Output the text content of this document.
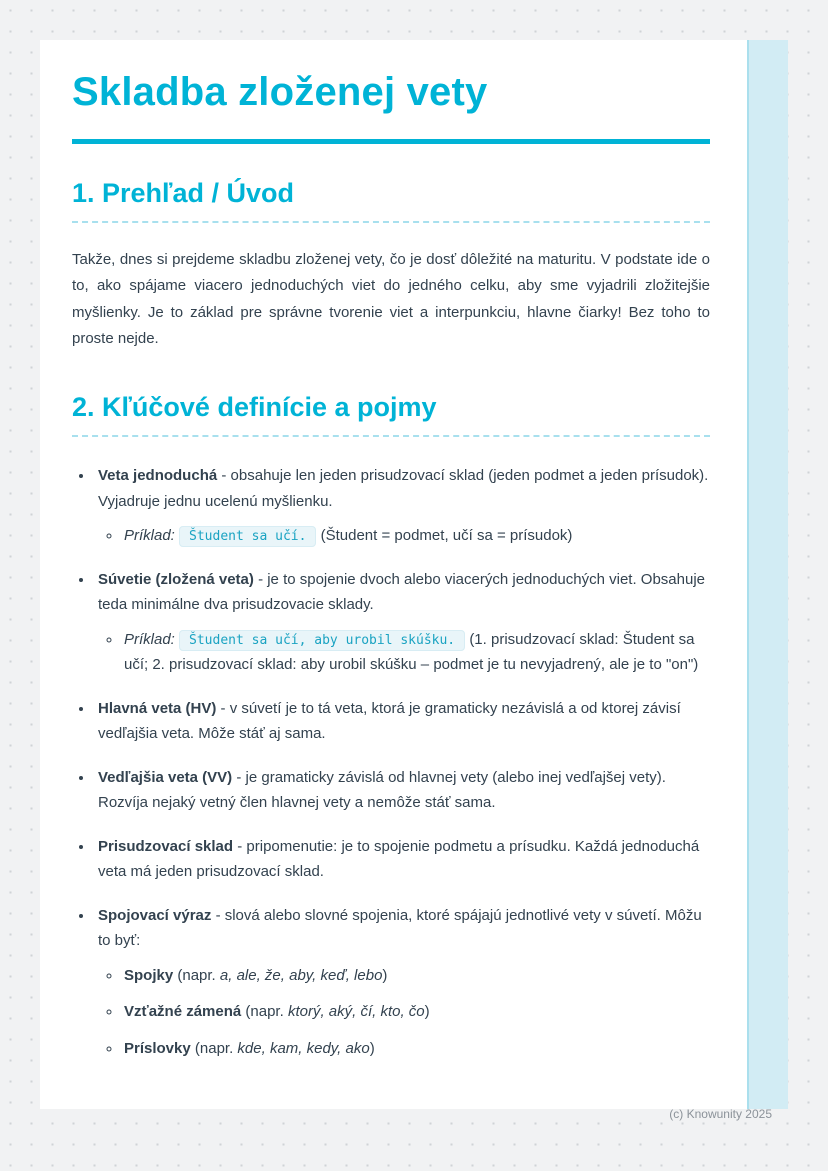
Skladba zloženej vety
1. Prehľad / Úvod

Takže, dnes si prejdeme skladbu zloženej vety, čo je dosť dôležité na maturitu. V podstate ide o to, ako spájame viacero jednoduchých viet do jedného celku, aby sme vyjadrili zložitejšie myšlienky. Je to základ pre správne tvorenie viet a interpunkciu, hlavne čiarky! Bez toho to proste nejde.

2. Kľúčové definície a pojmy
• Veta jednoduchá - obsahuje len jeden prisudzovací sklad (jeden podmet a jeden prísudok). Vyjadruje jednu ucelenú myšlienku.
◦ Príklad: Študent sa učí. (Študent = podmet, učí sa = prísudok)
• Súvetie (zložená veta) - je to spojenie dvoch alebo viacerých jednoduchých viet. Obsahuje teda minimálne dva prisudzovacie sklady.
◦ Príklad: Študent sa učí, aby urobil skúšku. (1. prisudzovací sklad: Študent sa učí; 2. prisudzovací sklad: aby urobil skúšku – podmet je tu nevyjadrený, ale je to "on")
• Hlavná veta (HV) - v súvetí je to tá veta, ktorá je gramaticky nezávislá a od ktorej závisí vedľajšia veta. Môže stáť aj sama.
• Vedľajšia veta (VV) - je gramaticky závislá od hlavnej vety (alebo inej vedľajšej vety). Rozvíja nejaký vetný člen hlavnej vety a nemôže stáť sama.
• Prisudzovací sklad - pripomenutie: je to spojenie podmetu a prísudku. Každá jednoduchá veta má jeden prisudzovací sklad.
• Spojovací výraz - slová alebo slovné spojenia, ktoré spájajú jednotlivé vety v súvetí. Môžu to byť:
◦ Spojky (napr. a, ale, že, aby, keď, lebo)
◦ Vzťažné zámená (napr. ktorý, aký, čí, kto, čo)
◦ Príslovky (napr. kde, kam, kedy, ako)
(c) Knowunity 2025
